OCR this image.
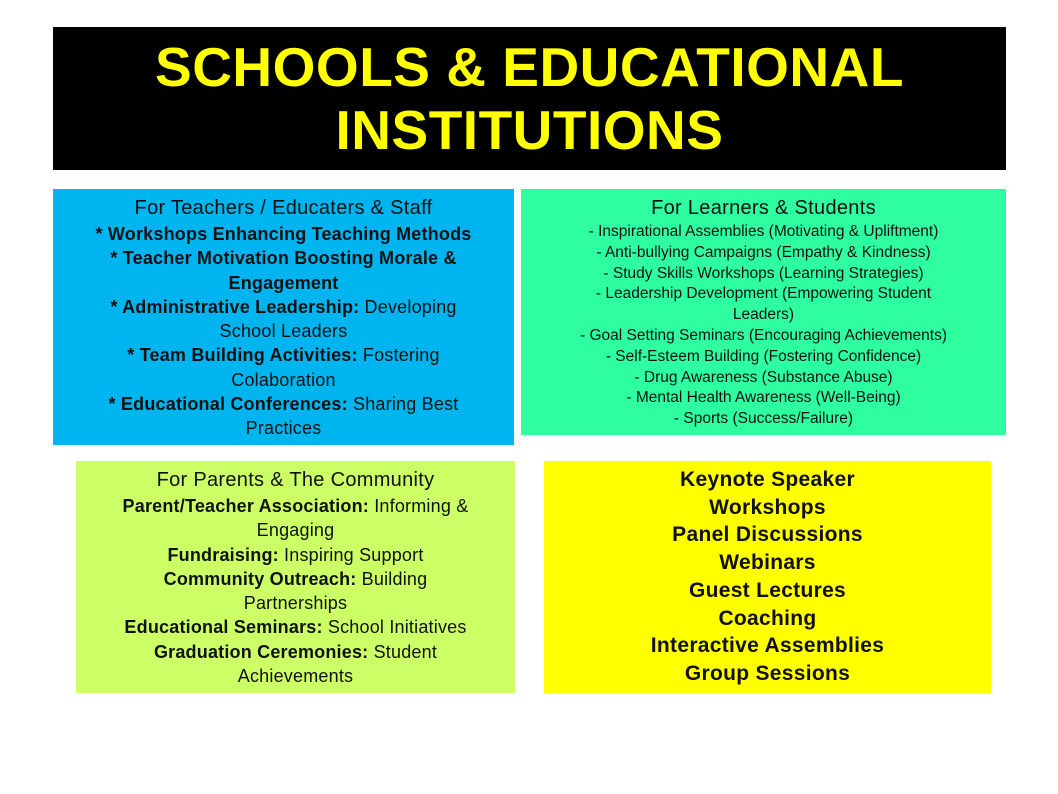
SCHOOLS & EDUCATIONAL
INSTITUTIONS
For Teachers / Educaters & Staff
* Workshops Enhancing Teaching Methods
* Teacher Motivation Boosting Morale &
Engagement
* Administrative Leadership: Developing
School Leaders
* Team Building Activities: Fostering
Colaboration
* Educational Conferences: Sharing Best
Practices
For Learners & Students
- Inspirational Assemblies (Motivating & Upliftment)
- Anti-bullying Campaigns (Empathy & Kindness)
- Study Skills Workshops (Learning Strategies)
- Leadership Development (Empowering Student
Leaders)
- Goal Setting Seminars (Encouraging Achievements)
- Self-Esteem Building (Fostering Confidence)
- Drug Awareness (Substance Abuse)
- Mental Health Awareness (Well-Being)
- Sports (Success/Failure)
For Parents & The Community
Parent/Teacher Association: Informing &
Engaging
Fundraising: Inspiring Support
Community Outreach: Building
Partnerships
Educational Seminars: School Initiatives
Graduation Ceremonies: Student
Achievements
Keynote Speaker
Workshops
Panel Discussions
Webinars
Guest Lectures
Coaching
Interactive Assemblies
Group Sessions
